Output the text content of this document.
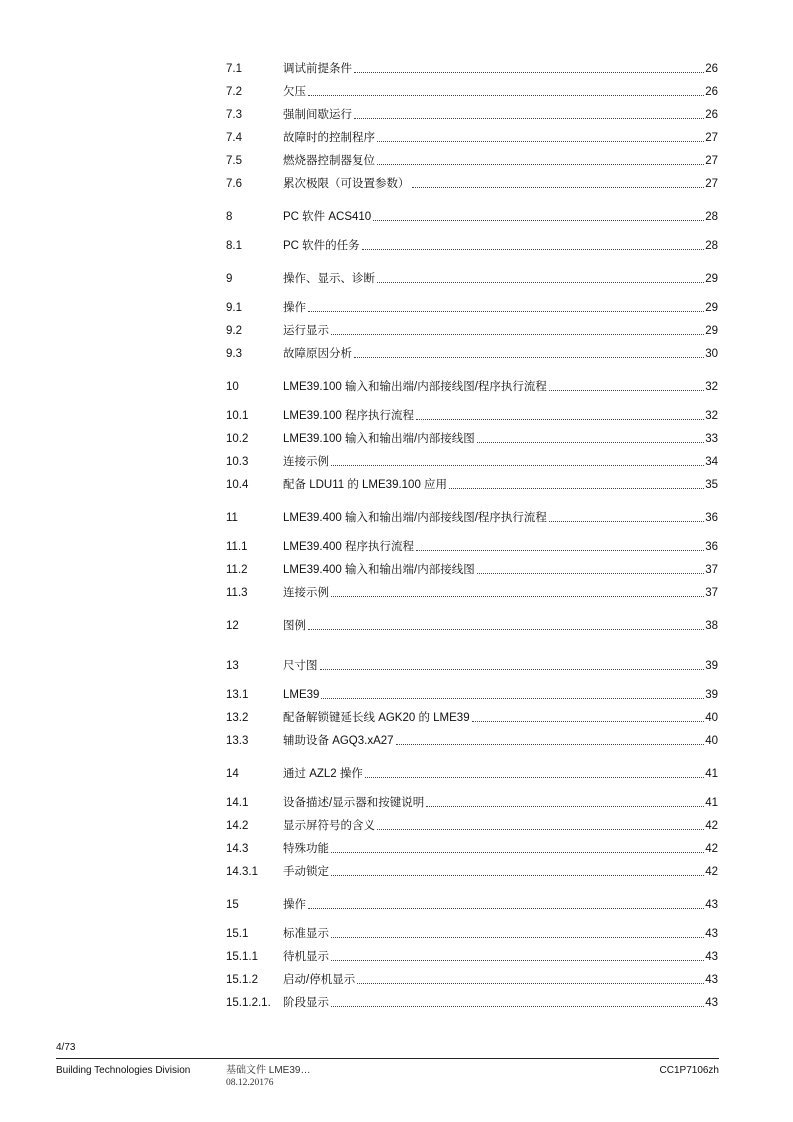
7.1	调试前提条件	26
7.2	欠压	26
7.3	强制间歇运行	26
7.4	故障时的控制程序	27
7.5	燃烧器控制器复位	27
7.6	累次极限（可设置参数）	27
8	PC 软件 ACS410	28
8.1	PC 软件的任务	28
9	操作、显示、诊断	29
9.1	操作	29
9.2	运行显示	29
9.3	故障原因分析	30
10	LME39.100 输入和输出端/内部接线图/程序执行流程	32
10.1	LME39.100 程序执行流程	32
10.2	LME39.100 输入和输出端/内部接线图	33
10.3	连接示例	34
10.4	配备 LDU11 的 LME39.100 应用	35
11	LME39.400 输入和输出端/内部接线图/程序执行流程	36
11.1	LME39.400 程序执行流程	36
11.2	LME39.400 输入和输出端/内部接线图	37
11.3	连接示例	37
12	图例	38
13	尺寸图	39
13.1	LME39	39
13.2	配备解锁键延长线 AGK20 的 LME39	40
13.3	辅助设备 AGQ3.xA27	40
14	通过 AZL2 操作	41
14.1	设备描述/显示器和按键说明	41
14.2	显示屏符号的含义	42
14.3	特殊功能	42
14.3.1	手动锁定	42
15	操作	43
15.1	标准显示	43
15.1.1	待机显示	43
15.1.2	启动/停机显示	43
15.1.2.1.	阶段显示	43
4/73
Building Technologies Division	基础文件 LME39…
08.12.20176
CC1P7106zh
